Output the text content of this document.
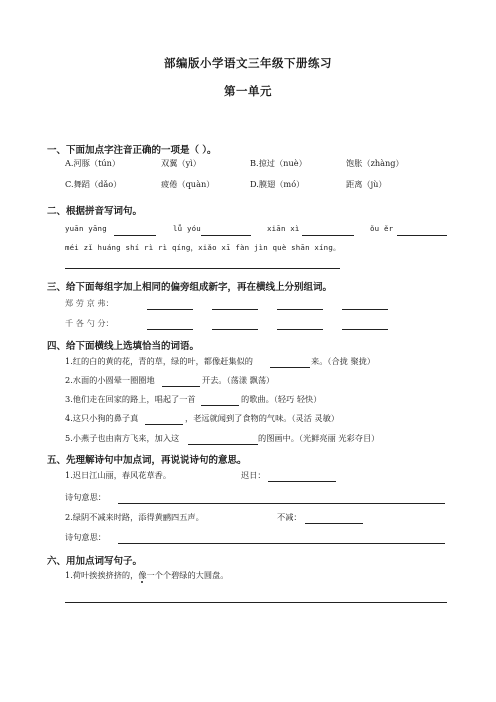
部编版小学语文三年级下册练习
第一单元
一、下面加点字注音正确的一项是（ ）。
A.河豚（tún）	双翼（yì）	B.掠过（nuè）	饱胀（zhàng）
C.舞蹈（dǎo）	疲倦（quàn）	D.膜翅（mó）	距离（jù）
二、根据拼音写词句。
yuān yāng	lǚ yóu	xiān xì	ǒu ěr
méi zǐ huáng shí rì rì qíng，xiǎo xī fàn jìn què shān xíng。
三、给下面每组字加上相同的偏旁组成新字，再在横线上分别组词。
郑 劳 京 弗：
千 各 勺 分：
四、给下面横线上选填恰当的词语。
1.红的白的黄的花，青的草，绿的叶，都像赶集似的	来。（合拢 聚拢）
2.水面的小圆晕一圈圈地	开去。（荡漾 飘荡）
3.他们走在回家的路上，唱起了一首	的歌曲。（轻巧 轻快）
4.这只小狗的鼻子真	，老远就闻到了食物的气味。（灵活 灵敏）
5.小燕子也由南方飞来，加入这	的图画中。（光鲜亮丽 光彩夺目）
五、先理解诗句中加点词，再说说诗句的意思。
1.迟日江山丽，春风花草香。	迟日：
诗句意思：
2.绿阴不减来时路，添得黄鹂四五声。	不减：
诗句意思：
六、用加点词写句子。
1.荷叶挨挨挤挤的，像一个个碧绿的大圆盘。
